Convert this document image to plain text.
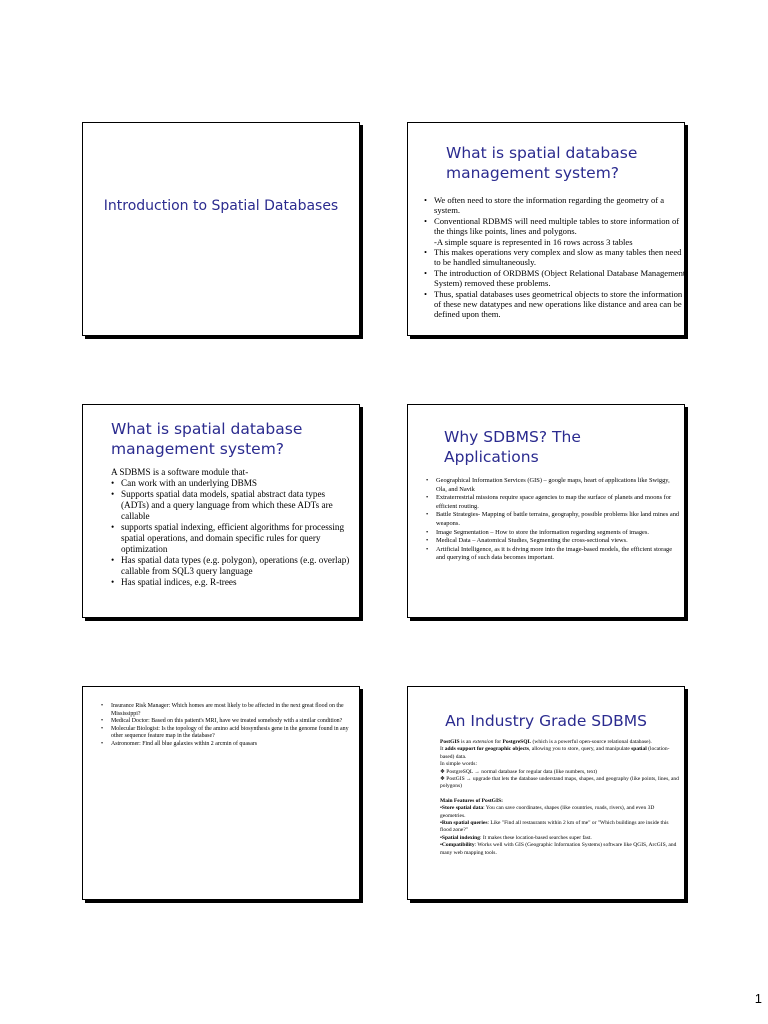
Introduction to Spatial Databases
What is spatial database management system?
• We often need to store the information regarding the geometry of a system.
• Conventional RDBMS will need multiple tables to store information of the things like points, lines and polygons.
-A simple square is represented in 16 rows across 3 tables
• This makes operations very complex and slow as many tables then need to be handled simultaneously.
• The introduction of ORDBMS (Object Relational Database Management System) removed these problems.
• Thus, spatial databases uses geometrical objects to store the information of these new datatypes and new operations like distance and area can be defined upon them.
What is spatial database management system?

A SDBMS is a software module that-

• Can work with an underlying DBMS
• Supports spatial data models, spatial abstract data types (ADTs) and a query language from which these ADTs are callable
• supports spatial indexing, efficient algorithms for processing spatial operations, and domain specific rules for query optimization
• Has spatial data types (e.g. polygon), operations (e.g. overlap) callable from SQL3 query language
• Has spatial indices, e.g. R-trees
Why SDBMS? The Applications
• Geographical Information Services (GIS) – google maps, heart of applications like Swiggy, Ola, and Navik
• Extraterrestrial missions require space agencies to map the surface of planets and moons for efficient routing.
• Battle Strategies- Mapping of battle terrains, geography, possible problems like land mines and weapons.
• Image Segmentation – How to store the information regarding segments of images.
• Medical Data – Anatomical Studies, Segmenting the cross-sectional views.
• Artificial Intelligence, as it is diving more into the image-based models, the efficient storage and querying of such data becomes important.
• Insurance Risk Manager: Which homes are most likely to be affected in the next great flood on the Mississippi?
• Medical Doctor: Based on this patient's MRI, have we treated somebody with a similar condition?
• Molecular Biologist: Is the topology of the amino acid biosynthesis gene in the genome found in any other sequence feature map in the database?
• Astronomer: Find all blue galaxies within 2 arcmin of quasars
An Industry Grade SDBMS

PostGIS is an extension for PostgreSQL (which is a powerful open-source relational database).

It adds support for geographic objects, allowing you to store, query, and manipulate spatial (location-based) data.

In simple words:

❖ PostgreSQL → normal database for regular data (like numbers, text)

❖ PostGIS → upgrade that lets the database understand maps, shapes, and geography (like points, lines, and polygons)

Main Features of PostGIS:

•Store spatial data: You can save coordinates, shapes (like countries, roads, rivers), and even 3D geometries.

•Run spatial queries: Like "Find all restaurants within 2 km of me" or "Which buildings are inside this flood zone?"

•Spatial indexing: It makes these location-based searches super fast.

•Compatibility: Works well with GIS (Geographic Information Systems) software like QGIS, ArcGIS, and many web mapping tools.

1
